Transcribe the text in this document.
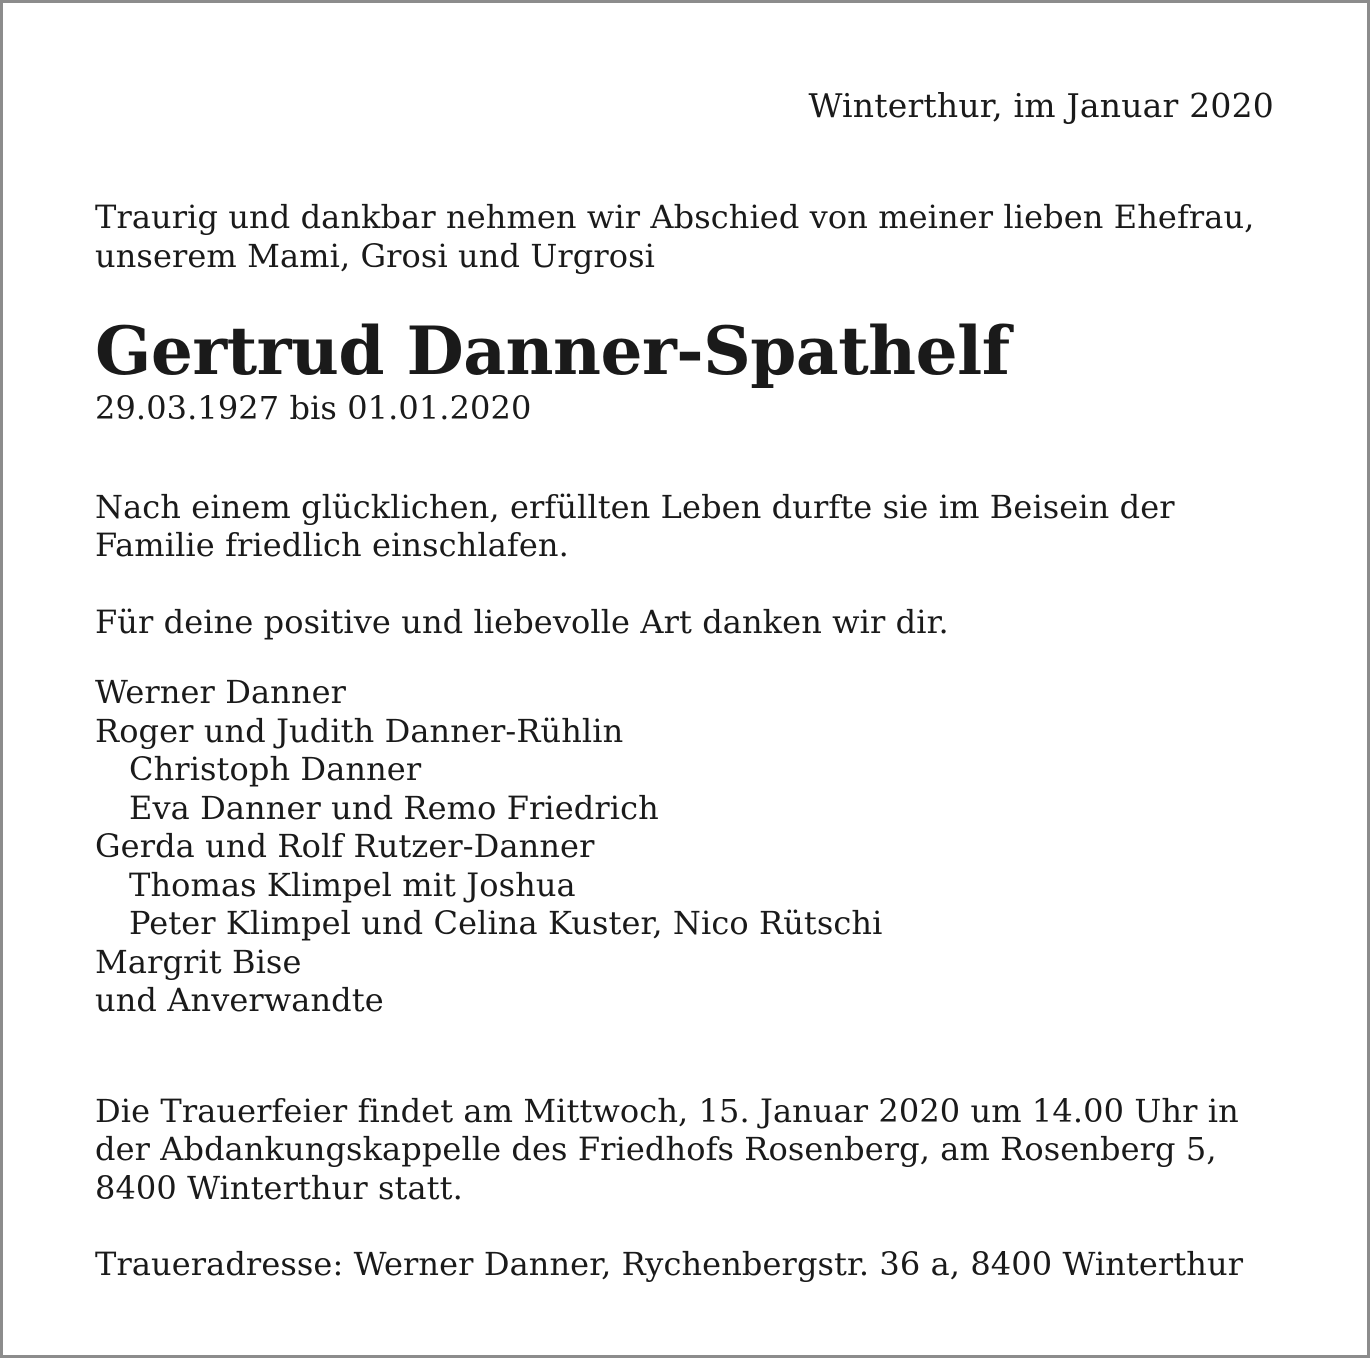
Winterthur, im Januar 2020
Traurig und dankbar nehmen wir Abschied von meiner lieben Ehefrau,
unserem Mami, Grosi und Urgrosi
Gertrud Danner-Spathelf
29.03.1927 bis 01.01.2020
Nach einem glücklichen, erfüllten Leben durfte sie im Beisein der
Familie friedlich einschlafen.
Für deine positive und liebevolle Art danken wir dir.
Werner Danner
Roger und Judith Danner-Rühlin
Christoph Danner
Eva Danner und Remo Friedrich
Gerda und Rolf Rutzer-Danner
Thomas Klimpel mit Joshua
Peter Klimpel und Celina Kuster, Nico Rütschi
Margrit Bise
und Anverwandte
Die Trauerfeier findet am Mittwoch, 15. Januar 2020 um 14.00 Uhr in
der Abdankungskappelle des Friedhofs Rosenberg, am Rosenberg 5,
8400 Winterthur statt.
Traueradresse: Werner Danner, Rychenbergstr. 36 a, 8400 Winterthur
